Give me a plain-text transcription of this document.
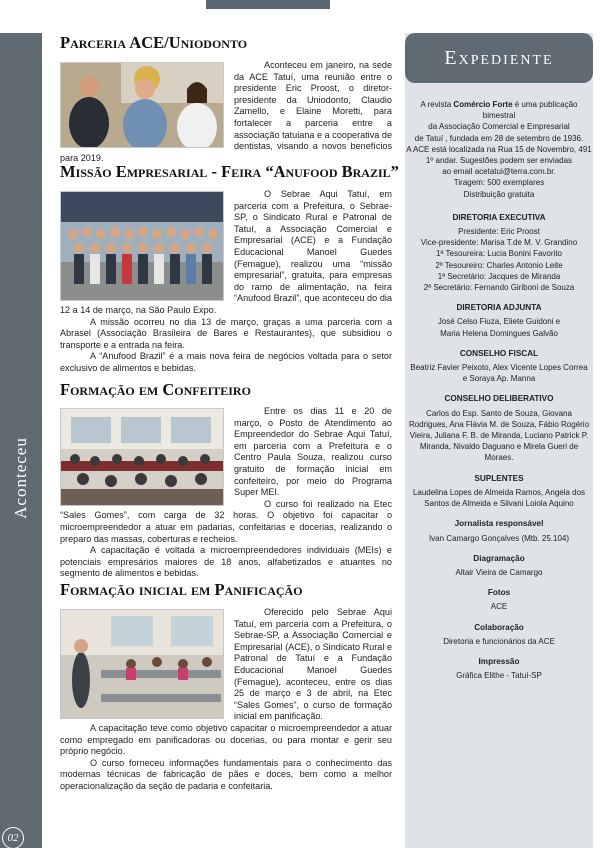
Aconteceu
02
Parceria ACE/Uniodonto

Aconteceu em janeiro, na sede da ACE Tatuí, uma reunião entre o presidente Eric Proost, o diretor-presidente da Uniodonto, Claudio Zamello, e Elaine Moretti, para fortalecer a parceria entre a associação tatuiana e a cooperativa de dentistas, visando a novos benefícios para 2019.

Missão Empresarial - Feira “Anufood Brazil”

O Sebrae Aqui Tatuí, em parceria com a Prefeitura, o Sebrae-SP, o Sindicato Rural e Patronal de Tatuí, a Associação Comercial e Empresarial (ACE) e a Fundação Educacional Manoel Guedes (Femague), realizou uma “missão empresarial”, gratuita, para empresas do ramo de alimentação, na feira “Anufood Brazil”, que aconteceu do dia 12 a 14 de março, na São Paulo Expo.

A missão ocorreu no dia 13 de março, graças a uma parceria com a Abrasel (Associação Brasileira de Bares e Restaurantes), que subsidiou o transporte e a entrada na feira.

A “Anufood Brazil” é a mais nova feira de negócios voltada para o setor exclusivo de alimentos e bebidas.

Formação em Confeiteiro

Entre os dias 11 e 20 de março, o Posto de Atendimento ao Empreendedor do Sebrae Aqui Tatuí, em parceria com a Prefeitura e o Centro Paula Souza, realizou curso gratuito de formação inicial em confeiteiro, por meio do Programa Super MEI.

O curso foi realizado na Etec “Sales Gomes”, com carga de 32 horas. O objetivo foi capacitar o microempreendedor a atuar em padarias, confeitarias e docerias, realizando o preparo das massas, coberturas e recheios.

A capacitação é voltada a microempreendedores individuais (MEIs) e potenciais empresários maiores de 18 anos, alfabetizados e atuantes no segmento de alimentos e bebidas.

Formação inicial em Panificação

Oferecido pelo Sebrae Aqui Tatuí, em parceria com a Prefeitura, o Sebrae-SP, a Associação Comercial e Empresarial (ACE), o Sindicato Rural e Patronal de Tatuí e a Fundação Educacional Manoel Guedes (Femague), aconteceu, entre os dias 25 de março e 3 de abril, na Etec “Sales Gomes”, o curso de formação inicial em panificação.

A capacitação teve como objetivo capacitar o microempreendedor a atuar como empregado em panificadoras ou docerias, ou para montar e gerir seu próprio negócio.

O curso forneceu informações fundamentais para o conhecimento das modernas técnicas de fabricação de pães e doces, bem como a melhor operacionalização da seção de padaria e confeitaria.

Expediente
A revista Comércio Forte é uma publicação bimestral
da Associação Comercial e Empresarial
de Tatuí , fundada em 28 de setembro de 1936.
A ACE está localizada na Rua 15 de Novembro, 491
1º andar. Sugestões podem ser enviadas
ao email acetatui@terra.com.br.
Tiragem: 500 exemplares
Distribuição gratuita
DIRETORIA EXECUTIVA
Presidente: Eric Proost
Vice-presidente: Marisa T.de M. V. Grandino
1ª Tesoureira: Lucia Bonini Favorito
2º Tesoureiro: Charles Antonio Leite
1ª Secretário: Jacques de Miranda
2ª Secretário: Fernando Giriboni de Souza
DIRETORIA ADJUNTA
José Celso Fiuza, Eliete Guidoni e
Maria Helena Domingues Galvão
CONSELHO FISCAL
Beatriz Favier Peixoto, Alex Vicente Lopes Correa
e Soraya Ap. Manna
CONSELHO DELIBERATIVO
Carlos do Esp. Santo de Souza, Giovana
Rodrigues, Ana Flávia M. de Souza, Fábio Rogério
Vieira, Juliana F. B. de Miranda, Luciano Patrick P.
Miranda, Nivaldo Daguano e Mirela Gueri de Moraes.
SUPLENTES
Laudelina Lopes de Almeida Ramos, Angela dos
Santos de Almeida e Silvani Loiola Aquino
Jornalista responsável
Ivan Camargo Gonçalves (Mtb. 25.104)
Diagramação
Altair Vieira de Camargo
Fotos
ACE
Colaboração
Diretoria e funcionários da ACE
Impressão
Gráfica Elithe - Tatuí-SP
